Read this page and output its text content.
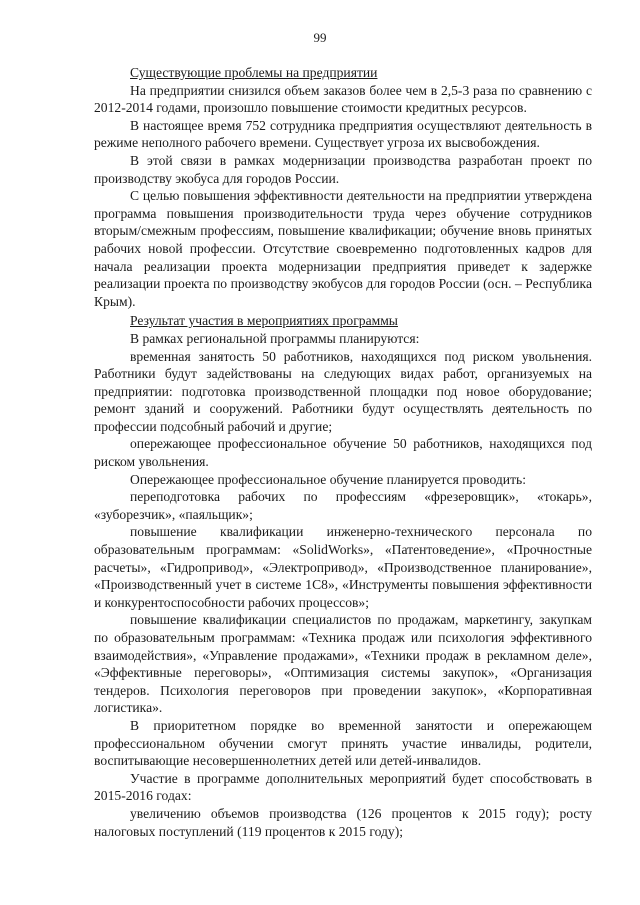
99

Существующие проблемы на предприятии

На предприятии снизился объем заказов более чем в 2,5-3 раза по сравнению с 2012-2014 годами, произошло повышение стоимости кредитных ресурсов.

В настоящее время 752 сотрудника предприятия осуществляют деятельность в режиме неполного рабочего времени. Существует угроза их высвобождения.

В этой связи в рамках модернизации производства разработан проект по производству экобуса для городов России.

С целью повышения эффективности деятельности на предприятии утверждена программа повышения производительности труда через обучение сотрудников вторым/смежным профессиям, повышение квалификации; обучение вновь принятых рабочих новой профессии. Отсутствие своевременно подготовленных кадров для начала реализации проекта модернизации предприятия приведет к задержке реализации проекта по производству экобусов для городов России (осн. – Республика Крым).

Результат участия в мероприятиях программы

В рамках региональной программы планируются:

временная занятость 50 работников, находящихся под риском увольнения. Работники будут задействованы на следующих видах работ, организуемых на предприятии: подготовка производственной площадки под новое оборудование; ремонт зданий и сооружений. Работники будут осуществлять деятельность по профессии подсобный рабочий и другие;

опережающее профессиональное обучение 50 работников, находящихся под риском увольнения.

Опережающее профессиональное обучение планируется проводить:

переподготовка рабочих по профессиям «фрезеровщик», «токарь», «зуборезчик», «паяльщик»;

повышение квалификации инженерно-технического персонала по образовательным программам: «SolidWorks», «Патентоведение», «Прочностные расчеты», «Гидропривод», «Электропривод», «Производственное планирование», «Производственный учет в системе 1С8», «Инструменты повышения эффективности и конкурентоспособности рабочих процессов»;

повышение квалификации специалистов по продажам, маркетингу, закупкам по образовательным программам: «Техника продаж или психология эффективного взаимодействия», «Управление продажами», «Техники продаж в рекламном деле», «Эффективные переговоры», «Оптимизация системы закупок», «Организация тендеров. Психология переговоров при проведении закупок», «Корпоративная логистика».

В приоритетном порядке во временной занятости и опережающем профессиональном обучении смогут принять участие инвалиды, родители, воспитывающие несовершеннолетних детей или детей-инвалидов.

Участие в программе дополнительных мероприятий будет способствовать в 2015-2016 годах:

увеличению объемов производства (126 процентов к 2015 году); росту налоговых поступлений (119 процентов к 2015 году);
